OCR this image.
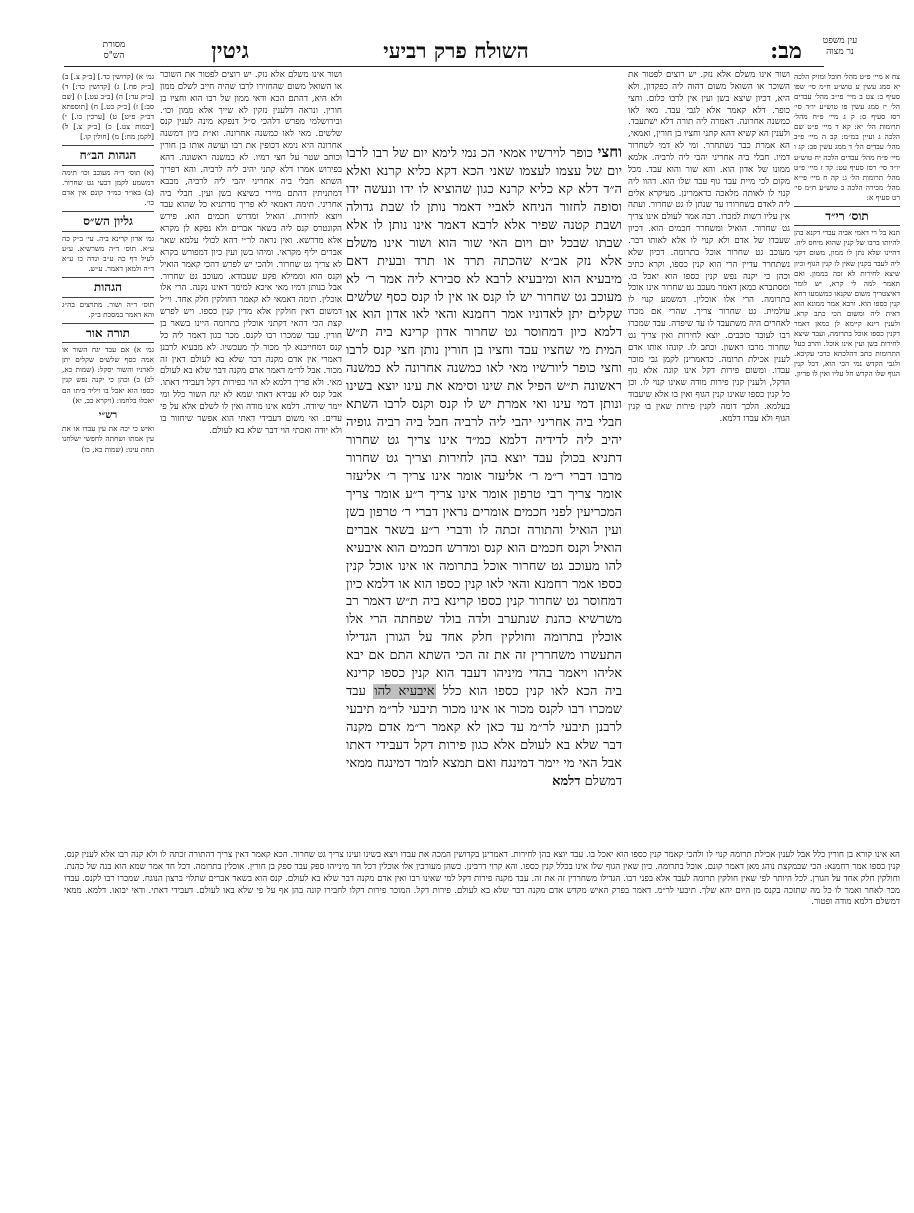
עין משפט
נר מצוה
מב:
השולח פרק רביעי
גיטין
מסורת
הש"ס

צח א מיי׳ פ״ט מהל׳ חובל ומזיק הלכה יא סמג עשין ע טוש״ע ח״מ סי׳ שפו סעיף ב: צט ב מיי׳ פי״ב מהל׳ עבדים הל׳ יז סמג עשין פו טוש״ע יו״ד סי׳ רסז סעיף ס: ק ג מיי׳ פ״ח מהל׳ תרומות הל׳ יא: קא ד מיי׳ פ״ט שם הלכה ג ועיין במ״מ: קב ה מיי׳ פ״ב מהל׳ עבדים הל׳ ד ממג עשין פב: קג ו מיי׳ פ״ח מהל׳ עבדים הלכה יח טוש״ע יו״ד סי׳ רסז סעיף עט: קד ז מיי׳ פ״ט מהל׳ תרומות הל׳ ג: קה ח מיי׳ פי״א מהל׳ מכירה הלכה ב טוש״ע ח״מ סי׳ רט סעיף א:

תוס׳ רי״ד

תנא בל רי דאמי אביה עבדי דקנא בהן להיותו ברבו של קנין שהוא מיחס ליה. דהיינו שלא נתן לו ממון, משום דקני ליה לעבד בקנין שאין לו קנין הגוף וכיון שיצא לחירות לא זכה בממון. ואם תאמר למה לי קרא, יש לומר דאיצטריך משום שקנאו כמשמעו דהא קנין כספו הוא. ורבא אמר ממונא הוא דאית ליה ומשום הכי כתב קרא. ולענין דינא קיימא לן כמאן דאמר דקנין כספו אוכל בתרומה, ועבד שיצא לחירות בשן ועין אינו אוכל. והרב בעל התרומות כתב דהלכתא כרבי עקיבא. ולגבי הקדש נמי הכי הוא, דכל קנין הגוף שלו הקדש חל עליו ואין לו פדיון.

ושור אינו משלם אלא נזק. יש רוצים לפטור את השוכר או השואל משום דהוה ליה כפקדון, ולא היא, דכיון שיצא בשן ועין אין לרבו כלום. וחצי כופר. דלא קאמר אלא לגבי עבד. מאי לאו כמשנה אחרונה. דאמרה ליה תורה דלא ישתעבד. ולענין הא קשיא דהא קתני וחציו בן חורין, ואמאי, הא אמרת כבר נשתחרר. ומי לא דמי לשחרור דמיו. חבלי ביה אחריני יהבי ליה לרביה. אלמא ממונו של אדון הוא. והא שור והוא עבד. מכל מקום לכי מיית עבד גוף עבד שלו הוא. דהוו ליה קנוי לו לאותה מלאכה כדאמרינן. מעיקרא אלים ליה לאדם בשחרורו עד שנתן לו גט שחרור. ועתה אין עליו רשות למכרו. רבה אמר לעולם אינו צריך גט שחרור. הואיל ומשחרר חכמים הוא. דכיון שעבדו של אדם ולא קנוי לו אלא לאותו דבר. מעוכב גט שחרור אוכל בתרומה. דכיון שלא נשתחרר עדיין הרי הוא קנין כספו, וקרא כתיב וכהן כי יקנה נפש קנין כספו הוא יאכל בו. ומסתברא כמאן דאמר מעכב גט שחרור אינו אוכל בתרומה. הרי אלו אוכלין. דמשמע קנוי לו עולמית. גט שחרור צריך. שהרי אם מכרו לאחרים היה משתעבד לו עד שיפדה. עבד שמכרו רבו לעובד כוכבים. יוצא לחירות ואין צריך גט שחרור מרבו ראשון. וכתב לו. קונהו אותו אדם לענין אכילת תרומה. כדאמרינן לקמן גבי מוכר עבדו. ומשום פירות דקל אינו קונה אלא גוף הדקל, ולענין קנין פירות מודה שאינו קנוי לו. וכן כל קנין כספו שאינו קנין הגוף ואין בו אלא שיעבוד בעלמא. הלכך דומה לקנין פירות שאין בו קנין הגוף ולא עבדו דלמא.

וחצי כופר לוירשיו אמאי הכ נמי לימא יום של רבו לרבו יום של עצמו לעצמו שאני הכא דקא כליא קרנא ואלא ה״ד דלא קא כליא קרנא כגון שהוציא לו ידו ונעשה ידו וסופה לחזור הניחא לאביי דאמר נותן לו שבת גדולה ושבת קטנה שפיר אלא לרבא דאמר אינו נותן לו אלא שבתו שבכל יום ויום האי שור הוא ושור אינו משלם אלא נזק אב״א שהכתה תרד או תרד ובעית דאם מיבעיא הוא ומיבעיא לרבא לא סבירא ליה אמר ר׳ לא מעוכב גט שחרור יש לו קנס או אין לו קנס כסף שלשים שקלים יתן לאדוניו אמר רחמנא והאי לאו אדון הוא או דלמא כיון דמחוסר גט שחרור אדון קרינא ביה ת״ש המית מי שחציו עבד וחציו בן חורין נותן חצי קנס לרבו וחצי כופר ליורשיו מאי לאו כמשנה אחרונה לא כמשנה ראשונה ת״ש הפיל את שינו וסימא את עינו יוצא בשינו ונותן דמי עינו ואי אמרת יש לו קנס וקנס לרבו השתא חבלי ביה אחריני יהבי ליה לרביה חבל ביה רביה גופיה יהיב ליה לדידיה דלמא כמ״ד אינו צריך גט שחרור דתניא בכולן עבד יוצא בהן לחירות וצריך גט שחרור מרבו דברי ר״מ ר׳ אליעזר אומר אינו צריך ר׳ אליעזר אומר צריך רבי טרפון אומר אינו צריך ר״ע אומר צריך המכריעין לפני חכמים אומרים נראין דברי ר׳ טרפון בשן ועין הואיל והתורה זכתה לו ודברי ר״ע בשאר אברים הואיל וקנס חכמים הוא קנס ומדרש חכמים הוא איבעיא להו מעוכב גט שחרור אוכל בתרומה או אינו אוכל קנין כספו אמר רחמנא והאי לאו קנין כספו הוא או דלמא כיון דמחוסר גט שחרור קנין כספו קרינא ביה ת״ש דאמר רב משרשיא כהנת שנתערב ולדה בולד שפחתה הרי אלו אוכלין בתרומה וחולקין חלק אחד על הגורן הגדילו התעשרו משחררין זה את זה הכי השתא התם אם יבא אליהו ויאמר בהדי מיניהו דעבד הוא קנין כספו קרינא ביה הכא לאו קנין כספו הוא כלל איבעיא להו עבד שמכרו רבו לקנס מכור או אינו מכור תיבעי לר״מ תיבעי לרבנן תיבעי לר״מ עד כאן לא קאמר ר״מ אדם מקנה דבר שלא בא לעולם אלא כגון פירות דקל דעבידי דאתו אבל האי מי יימר דמינגח ואם תמצא לומר דמינגח ממאי דמשלם דלמא

ושור אינו משלם אלא נזק. יש רוצים לפטור את השוכר או השואל משום שהחזירו לרבו שהיה חייב לשלם ממון ולא היא, דהתם הכא ודאי ממון של רבו הוא וחציו בן חורין. ונראה דלענין נזקין לא שייך אלא ממון וכו׳. ובירושלמי מפרש דלהכי ס״ל דנפקא מינה לענין קנס שלשים. מאי לאו כמשנה אחרונה. וא״ת כיון דמשנה אחרונה היא נימא דכופין את רבו ועושה אותו בן חורין וכותב שטר על חצי דמיו. לא כמשנה ראשונה. דהא בפירוש אמרו דלא קתני יהיב ליה לרביה. והא דפריך השתא חבלי ביה אחריני יהבי ליה לרביה, מבבא דמתניתין דהתם מיירי כשיצא בשן ועין. חבלי ביה אחריני. תימה דאמאי לא פריך מדתניא כל שהוא עבד ויוצא לחירות. הואיל ומדרש חכמים הוא. פירש הקונטרס קנס ליה בשאר אברים ולא נפקא לן מקרא אלא מדרשא. ואין נראה לר״י דהא לכולי עלמא שאר אברים יליף מקראי. ומיהו בשן ועין כיון דמפורש בקרא לא צריך גט שחרור. ולהכי יש לפרש דהכי קאמר הואיל וקנס הוא וממילא פקע שעבודא. מעוכב גט שחרור. אבל בנותן דמיו מאי איכא למימר דאינו נקנה. הרי אלו אוכלין. תימה דאמאי לא קאמר דחולקין חלק אחד. וי״ל דמשום דאין חולקין אלא מדין קנין כספו. ויש לפרש קצת הכי דהאי דקתני אוכלין בתרומה היינו בשאר בן חורין. עבד שמכרו רבו לקנס. מכר כגון דאמר ליה כל קנס דמחייבנא לך מכור לך מעכשיו. לא מבעיא לרבנן דאמרי אין אדם מקנה דבר שלא בא לעולם דאין זה מכור. אבל לר״מ דאמר אדם מקנה דבר שלא בא לעולם מאי. ולא פריך דלמא לא הוי כפירות דקל דעבידי דאתו. אבל קנס לא עבידא דאתי שמא לא יגח השור כלל ומי יימר שיודה. דלמא אינו מודה ואין לו לשלם אלא על פי עדים. ואי משום דעבידי דאתי הוא אפשר שיחזור בו ולא יודה ואכתי הוי דבר שלא בא לעולם.

גמ׳ א) [קדושין כד.] [ב״ק צ.] ב) [ב״ק פח.] ג) [קדושין כד:] ד) [ב״ק עד:] ה) [ב״ב עט.] ו) [שם סב:] ז) [כ״ק כט.] ח) [תוספתא דב״ק פ״ט] ט) [ערכין כו.] י) [יבמות צט.] כ) [ב״ק צ.] ל) [לקמן מח:] מ) [חולין קו.]

הגהות הב״ח

(א) תוס׳ ד״ה מעוכב וכו׳ תימה דמשמע לקמן דבעי גט שחרור. (ב) באו״ד כמ״ד קונם אין אדם כו׳.

גליון הש״ס

גמ׳ אדון קרינא ביה. עי׳ ב״ק כה ע״א. תוס׳ ד״ה משרשיא. ע״ע לעיל דף כה ע״ב ונדה כו ע״א ד״ה ולמאן דאמר. ע״ש.

הגהות

תוס׳ ד״ה ושור. מתרצים בה״ג והא דאמר במסכת ב״ק.

תורה אור

גמ׳ א) אם עבד יגח השור או אמה כסף שלשים שקלים יתן לאדניו והשור יסקל: (שמות כא, לב) ב) וכהן כי יקנה נפש קנין כספו הוא יאכל בו ויליד ביתו הם יאכלו בלחמו: (ויקרא כב, יא)

רש״י

ואיש כי יכה את עין עבדו או את עין אמתו ושחתה לחפשי ישלחנו תחת עינו: (שמות כא, כו)

הא אינו קורא בן חורין כלל אבל לענין אכילת תרומה קנוי לו ולהכי קאמר קנין כספו הוא יאכל בו. עבד יוצא בהן לחירות. דאמרינן בקדושין המכה את עבדו ויצא בשינו ועינו צריך גט שחרור. הכא קאמר דאין צריך דהתורה זכתה לו ולא קנה רבו אלא לענין קנס. קנין כספו אמר רחמנא: הכי שבמקצת נוהג מאן דאמר קונם. אוכל בתרומה. כיון שאין הגוף שלו אינו בכלל קנין כספו. והא קרוי דרבינן. כשהן מעורבין אלו אוכלין דכל חד מינייהו ספק עבד ספק בן חורין. אוכלין בתרומה. דכל חד אמר שמא הוא בנה של כהנת. וחולקין חלק אחד על הגורן. לכל היותר לפי שאין חולקין תרומה לעבד אלא בפני רבו. הגדילו משחררין זה את זה. עבד מקנה פירות דקל למי שאינו רבו ואין אדם מקנה דבר שלא בא לעולם. קנס הוא בשאר אברים שתלוי ברצון הנוגח. שמכרו רבו לקנס. עבדו מכר לאחר ואמר לו כל מה שתזכה בקנס מן היום יהא שלך. תיבעי לר״מ. דאמר בפרק האיש מקדש אדם מקנה דבר שלא בא לעולם. פירות דקל. המוכר פירות דקלו לחבירו קונה בהן אף על פי שלא באו לעולם. דעבידי דאתי. ודאי יבואו. דלמא. ממאי דמשלם דלמא מודה ופטור.
